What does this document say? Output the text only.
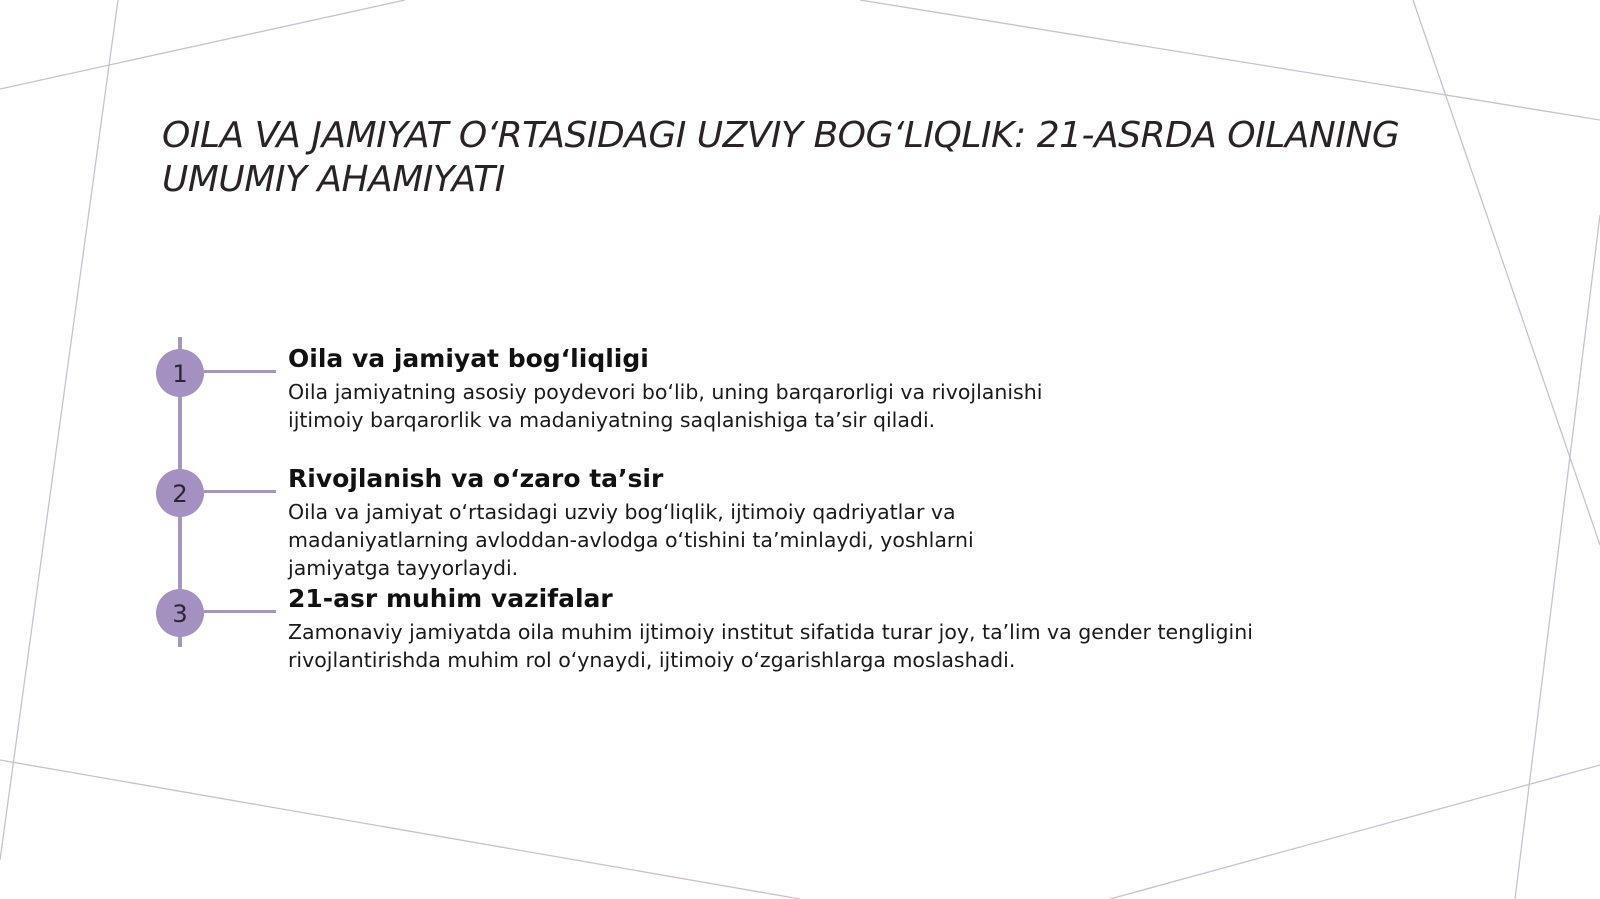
OILA VA JAMIYAT O‘RTASIDAGI UZVIY BOG‘LIQLIK: 21-ASRDA OILANING
UMUMIY AHAMIYATI
1
Oila va jamiyat bog‘liqligi

Oila jamiyatning asosiy poydevori bo‘lib, uning barqarorligi va rivojlanishi
ijtimoiy barqarorlik va madaniyatning saqlanishiga ta’sir qiladi.

2
Rivojlanish va o‘zaro ta’sir

Oila va jamiyat o‘rtasidagi uzviy bog‘liqlik, ijtimoiy qadriyatlar va
madaniyatlarning avloddan-avlodga o‘tishini ta’minlaydi, yoshlarni
jamiyatga tayyorlaydi.

3
21-asr muhim vazifalar

Zamonaviy jamiyatda oila muhim ijtimoiy institut sifatida turar joy, ta’lim va gender tengligini
rivojlantirishda muhim rol o‘ynaydi, ijtimoiy o‘zgarishlarga moslashadi.
